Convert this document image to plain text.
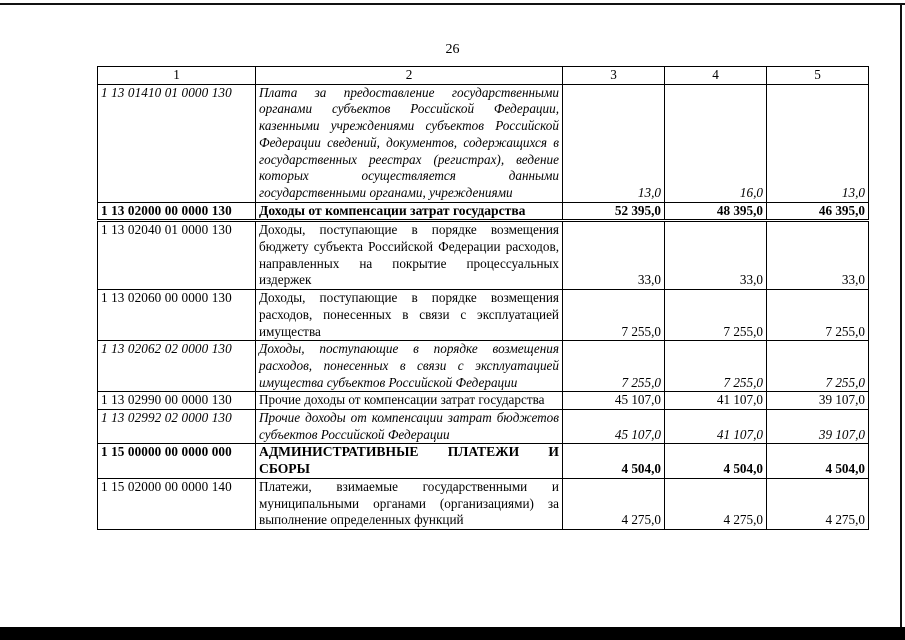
26
1	2	3	4	5
1 13 01410 01 0000 130	Плата за предоставление государственными органами субъектов Российской Федерации, казенными учреждениями субъектов Российской Федерации сведений, документов, содержащихся в государственных реестрах (регистрах), ведение которых осуществляется данными государственными органами, учреждениями	13,0	16,0	13,0
1 13 02000 00 0000 130	Доходы от компенсации затрат государства	52 395,0	48 395,0	46 395,0
1 13 02040 01 0000 130	Доходы, поступающие в порядке возмещения бюджету субъекта Российской Федерации расходов, направленных на покрытие процессуальных издержек	33,0	33,0	33,0
1 13 02060 00 0000 130	Доходы, поступающие в порядке возмещения расходов, понесенных в связи с эксплуатацией имущества	7 255,0	7 255,0	7 255,0
1 13 02062 02 0000 130	Доходы, поступающие в порядке возмещения расходов, понесенных в связи с эксплуатацией имущества субъектов Российской Федерации	7 255,0	7 255,0	7 255,0
1 13 02990 00 0000 130	Прочие доходы от компенсации затрат государства	45 107,0	41 107,0	39 107,0
1 13 02992 02 0000 130	Прочие доходы от компенсации затрат бюджетов субъектов Российской Федерации	45 107,0	41 107,0	39 107,0
1 15 00000 00 0000 000	АДМИНИСТРАТИВНЫЕ ПЛАТЕЖИ И СБОРЫ	4 504,0	4 504,0	4 504,0
1 15 02000 00 0000 140	Платежи, взимаемые государственными и муниципальными органами (организациями) за выполнение определенных функций	4 275,0	4 275,0	4 275,0
